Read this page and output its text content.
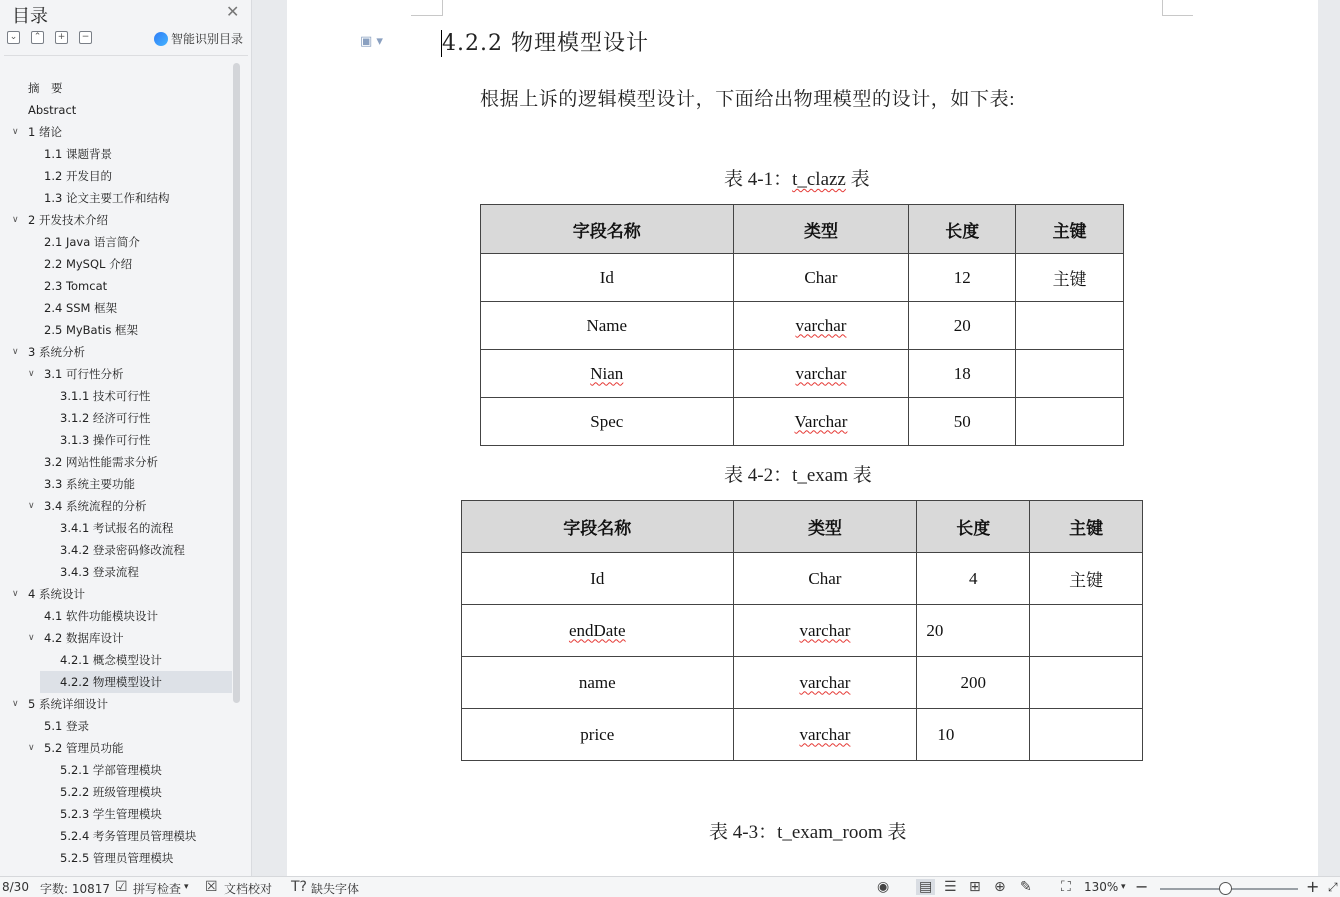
目录	✕
⌄	⌃	+	−	智能识别目录
摘　要
Abstract
∨ 1 绪论
1.1 课题背景
1.2 开发目的
1.3 论文主要工作和结构
∨ 2 开发技术介绍
2.1 Java 语言简介
2.2 MySQL 介绍
2.3 Tomcat
2.4 SSM 框架
2.5 MyBatis 框架
∨ 3 系统分析
∨ 3.1 可行性分析
3.1.1 技术可行性
3.1.2 经济可行性
3.1.3 操作可行性
3.2 网站性能需求分析
3.3 系统主要功能
∨ 3.4 系统流程的分析
3.4.1 考试报名的流程
3.4.2 登录密码修改流程
3.4.3 登录流程
∨ 4 系统设计
4.1 软件功能模块设计
∨ 4.2 数据库设计
4.2.1 概念模型设计
4.2.2 物理模型设计
∨ 5 系统详细设计
5.1 登录
∨ 5.2 管理员功能
5.2.1 学部管理模块
5.2.2 班级管理模块
5.2.3 学生管理模块
5.2.4 考务管理员管理模块
5.2.5 管理员管理模块
▣ ▾	4.2.2 物理模型设计
根据上诉的逻辑模型设计，下面给出物理模型的设计，如下表:
表 4-1：t_clazz 表
字段名称	类型	长度	主键
Id	Char	12	主键
Name	varchar	20	
Nian	varchar	18	
Spec	Varchar	50	
表 4-2：t_exam 表
字段名称	类型	长度	主键
Id	Char	4	主键
endDate	varchar	20	
name	varchar	200	
price	varchar	10	
表 4-3：t_exam_room 表
8/30 字数: 10817 ☑ 拼写检查 ▾ ☒ 文档校对 T? 缺失字体	◉ ▤ ☰ ⊞ ⊕ ✎ ⛶ 130% ▾ −	+ ⤢
